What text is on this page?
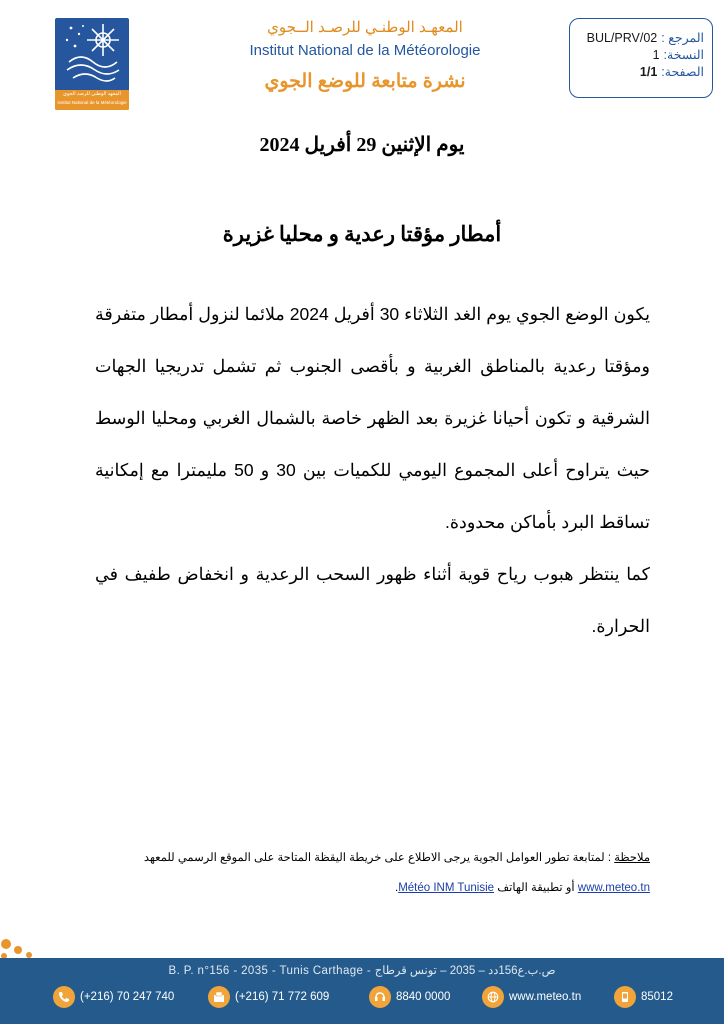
المعهد الوطني للرصد الجوي
Institut National de la Météorologie
المعهـد الوطنـي للرصـد الــجوي
Institut National de la Météorologie
نشرة متابعة للوضع الجوي
المرجع :
BUL/PRV/02
النسخة:
1
الصفحة:
1/1
يوم الإثنين 29 أفريل 2024
أمطار مؤقتا رعدية و محليا غزيرة
يكون الوضع الجوي يوم الغد الثلاثاء 30 أفريل 2024 ملائما لنزول أمطار متفرقة ومؤقتا رعدية بالمناطق الغربية و بأقصى الجنوب ثم تشمل تدريجيا الجهات الشرقية و تكون أحيانا غزيرة بعد الظهر خاصة بالشمال الغربي ومحليا الوسط حيث يتراوح أعلى المجموع اليومي للكميات بين 30 و 50 مليمترا مع إمكانية تساقط البرد بأماكن محدودة.
كما ينتظر هبوب رياح قوية أثناء ظهور السحب الرعدية و انخفاض طفيف في الحرارة.
ملاحظة : لمتابعة تطور العوامل الجوية يرجى الاطلاع على خريطة اليقظة المتاحة على الموقع الرسمي للمعهد
www.meteo.tn أو تطبيقة الهاتف Météo INM Tunisie.
B. P. n°156 - 2035 - Tunis Carthage - ص.ب.ع156دد – 2035 – تونس قرطاج
(+216) 70 247 740	(+216) 71 772 609	8840 0000	www.meteo.tn	85012
